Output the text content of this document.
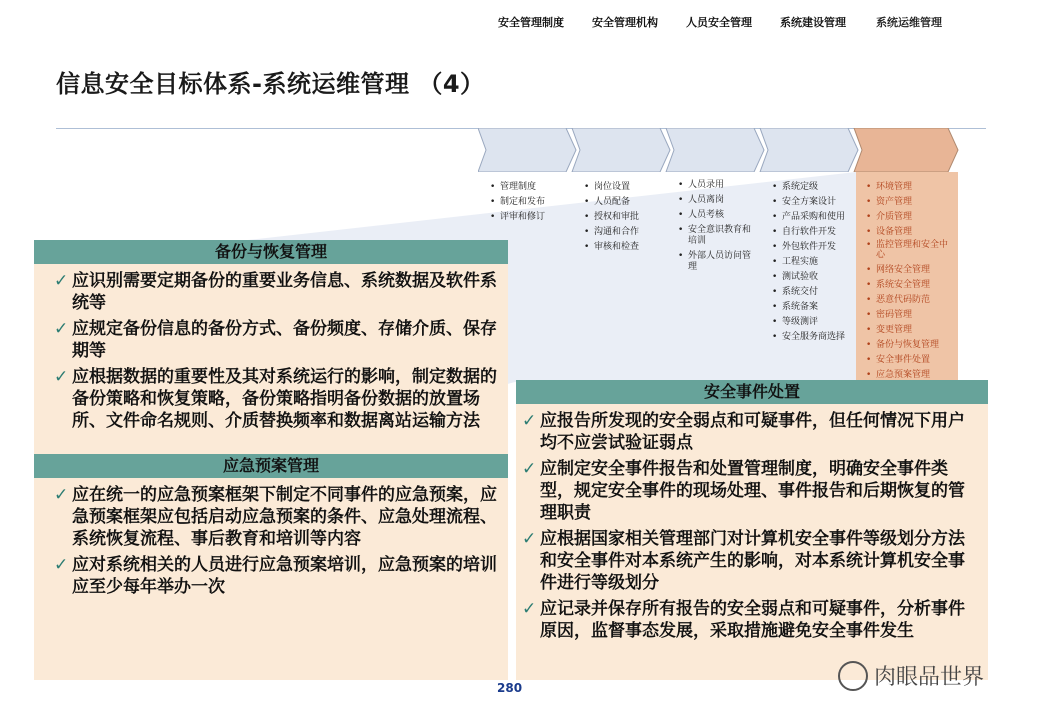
信息安全目标体系-系统运维管理 （4）
安全管理制度	安全管理机构	人员安全管理	系统建设管理	系统运维管理
• 管理制度
• 制定和发布
• 评审和修订
• 岗位设置
• 人员配备
• 授权和审批
• 沟通和合作
• 审核和检查
• 人员录用
• 人员离岗
• 人员考核
• 安全意识教育和培训
• 外部人员访问管理
• 系统定级
• 安全方案设计
• 产品采购和使用
• 自行软件开发
• 外包软件开发
• 工程实施
• 测试验收
• 系统交付
• 系统备案
• 等级测评
• 安全服务商选择
• 环境管理
• 资产管理
• 介质管理
• 设备管理
• 监控管理和安全中心
• 网络安全管理
• 系统安全管理
• 恶意代码防范
• 密码管理
• 变更管理
• 备份与恢复管理
• 安全事件处置
• 应急预案管理
备份与恢复管理
✓ 应识别需要定期备份的重要业务信息、系统数据及软件系统等
✓ 应规定备份信息的备份方式、备份频度、存储介质、保存期等
✓ 应根据数据的重要性及其对系统运行的影响，制定数据的备份策略和恢复策略，备份策略指明备份数据的放置场所、文件命名规则、介质替换频率和数据离站运输方法
应急预案管理
✓ 应在统一的应急预案框架下制定不同事件的应急预案，应急预案框架应包括启动应急预案的条件、应急处理流程、系统恢复流程、事后教育和培训等内容
✓ 应对系统相关的人员进行应急预案培训，应急预案的培训应至少每年举办一次
安全事件处置
✓ 应报告所发现的安全弱点和可疑事件，但任何情况下用户均不应尝试验证弱点
✓ 应制定安全事件报告和处置管理制度，明确安全事件类型，规定安全事件的现场处理、事件报告和后期恢复的管理职责
✓ 应根据国家相关管理部门对计算机安全事件等级划分方法和安全事件对本系统产生的影响，对本系统计算机安全事件进行等级划分
✓ 应记录并保存所有报告的安全弱点和可疑事件，分析事件原因，监督事态发展，采取措施避免安全事件发生
280	肉眼品世界
